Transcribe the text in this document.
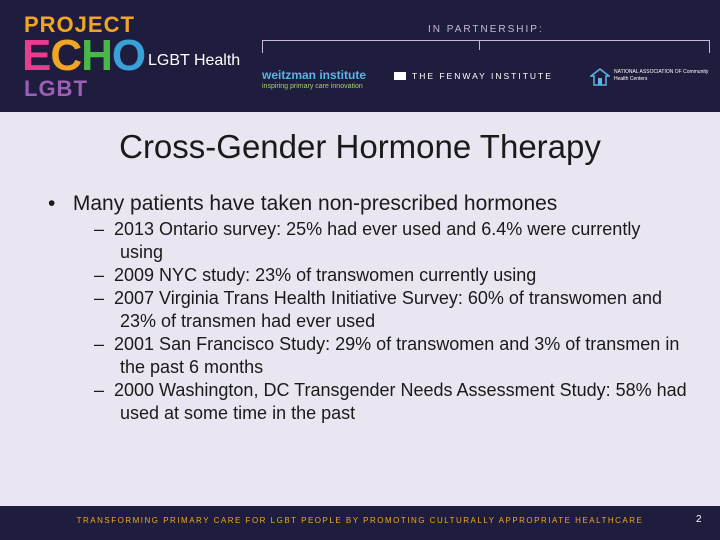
PROJECT
ECHO
LGBT
LGBT Health
IN PARTNERSHIP:
weitzman institute
inspiring primary care innovation
THE FENWAY INSTITUTE	NATIONAL ASSOCIATION OF Community Health Centers
Cross-Gender Hormone Therapy
•   Many patients have taken non-prescribed hormones
–  2013 Ontario survey: 25% had ever used and 6.4% were currently using
–  2009 NYC study: 23% of transwomen currently using
–  2007 Virginia Trans Health Initiative Survey: 60% of transwomen and 23% of transmen had ever used
–  2001 San Francisco Study: 29% of transwomen and 3% of transmen in the past 6 months
–  2000 Washington, DC Transgender Needs Assessment Study: 58% had used at some time in the past
TRANSFORMING PRIMARY CARE FOR LGBT PEOPLE BY PROMOTING CULTURALLY APPROPRIATE HEALTHCARE	2
